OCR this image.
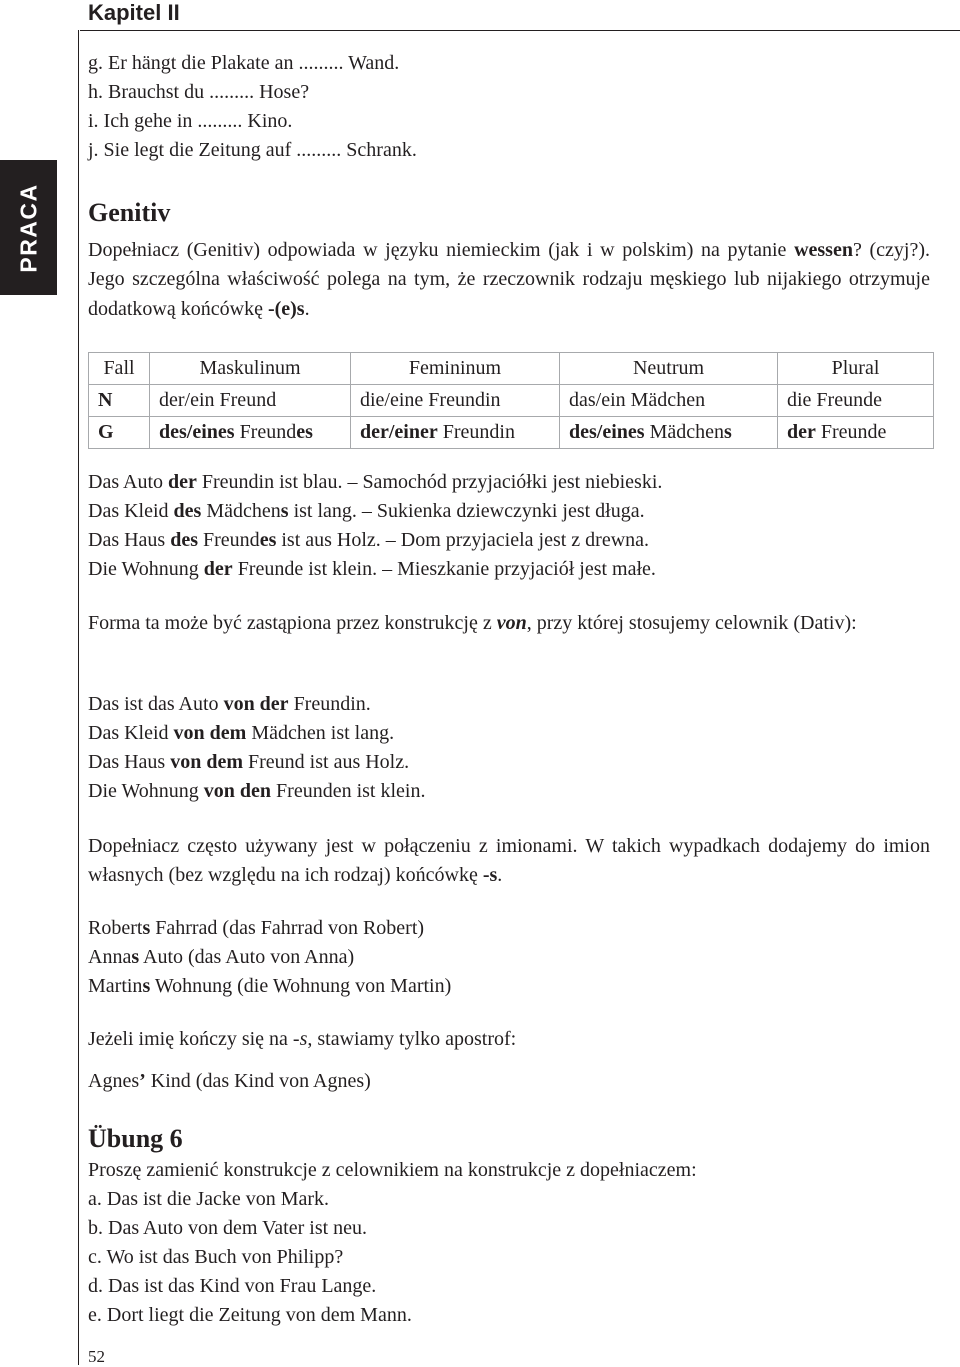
Kapitel II
PRACA
g. Er hängt die Plakate an ......... Wand.
h. Brauchst du ......... Hose?
i. Ich gehe in ......... Kino.
j. Sie legt die Zeitung auf ......... Schrank.
Genitiv

Dopełniacz (Genitiv) odpowiada w języku niemieckim (jak i w polskim) na pytanie wessen? (czyj?). Jego szczególna właściwość polega na tym, że rzeczownik rodzaju męskiego lub nijakiego otrzymuje dodatkową końcówkę -(e)s.

Fall	Maskulinum	Femininum	Neutrum	Plural
N	der/ein Freund	die/eine Freundin	das/ein Mädchen	die Freunde
G	des/eines Freundes	der/einer Freundin	des/eines Mädchens	der Freunde
Das Auto der Freundin ist blau. – Samochód przyjaciółki jest niebieski.
Das Kleid des Mädchens ist lang. – Sukienka dziewczynki jest długa.
Das Haus des Freundes ist aus Holz. – Dom przyjaciela jest z drewna.
Die Wohnung der Freunde ist klein. – Mieszkanie przyjaciół jest małe.

Forma ta może być zastąpiona przez konstrukcję z von, przy której stosujemy celownik (Dativ):

Das ist das Auto von der Freundin.
Das Kleid von dem Mädchen ist lang.
Das Haus von dem Freund ist aus Holz.
Die Wohnung von den Freunden ist klein.

Dopełniacz często używany jest w połączeniu z imionami. W takich wypadkach dodajemy do imion własnych (bez względu na ich rodzaj) końcówkę -s.

Roberts Fahrrad (das Fahrrad von Robert)
Annas Auto (das Auto von Anna)
Martins Wohnung (die Wohnung von Martin)
Jeżeli imię kończy się na -s, stawiamy tylko apostrof:
Agnes’ Kind (das Kind von Agnes)
Übung 6
Proszę zamienić konstrukcje z celownikiem na konstrukcje z dopełniaczem:
a. Das ist die Jacke von Mark.
b. Das Auto von dem Vater ist neu.
c. Wo ist das Buch von Philipp?
d. Das ist das Kind von Frau Lange.
e. Dort liegt die Zeitung von dem Mann.
52
